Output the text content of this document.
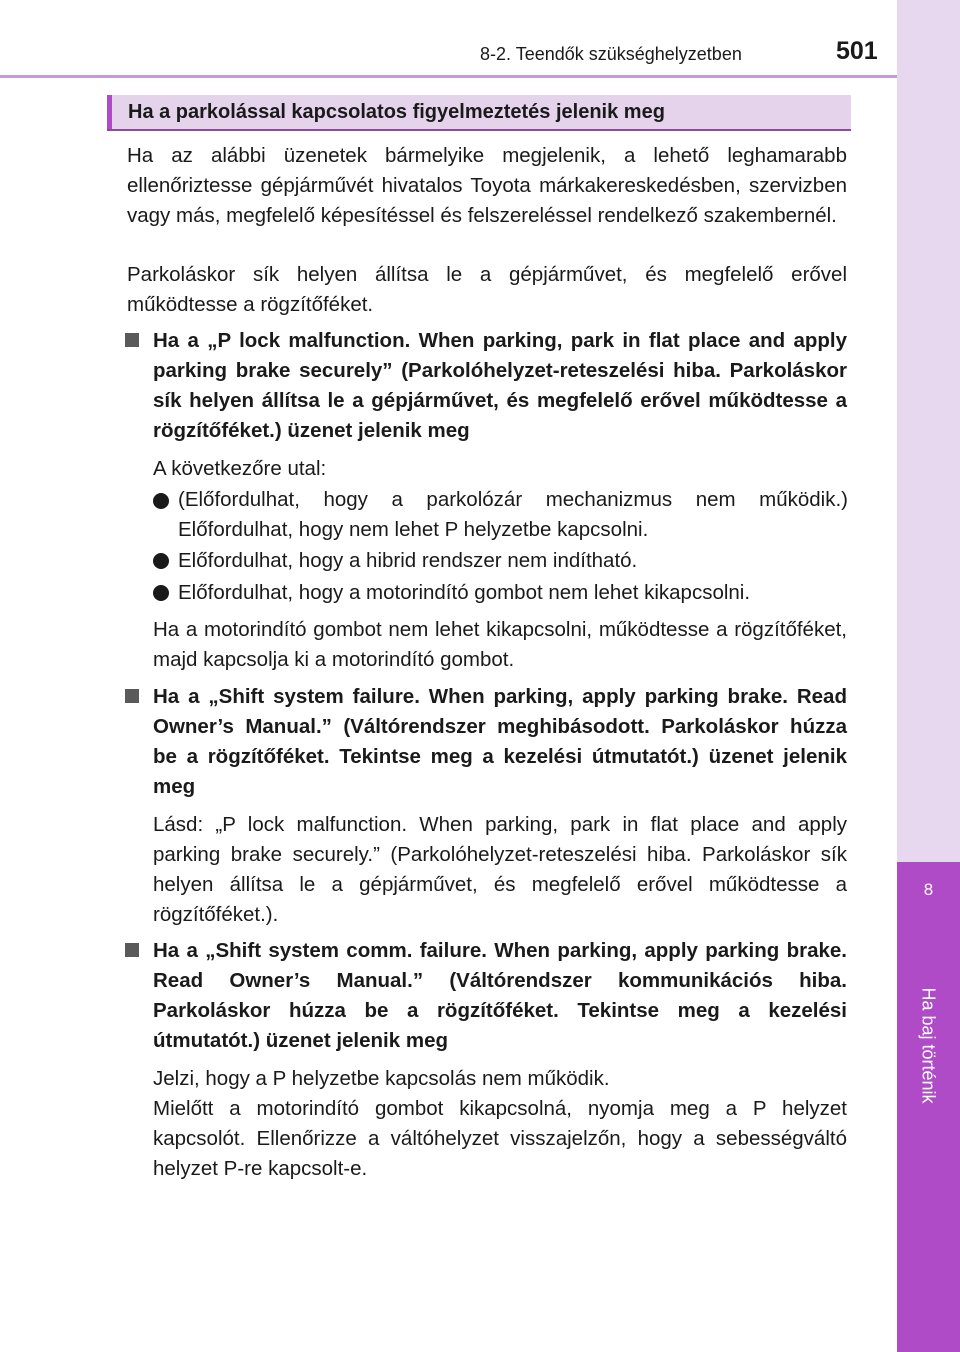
8-2. Teendők szükséghelyzetben	501
8
Ha baj történik
Ha a parkolással kapcsolatos figyelmeztetés jelenik meg
Ha az alábbi üzenetek bármelyike megjelenik, a lehető leghamarabb ellenőriztesse gépjárművét hivatalos Toyota márkakereskedésben, szervizben vagy más, megfelelő képesítéssel és felszereléssel rendelkező szakembernél.
Parkoláskor sík helyen állítsa le a gépjárművet, és megfelelő erővel működtesse a rögzítőféket.
Ha a „P lock malfunction. When parking, park in flat place and apply parking brake securely” (Parkolóhelyzet-reteszelési hiba. Parkoláskor sík helyen állítsa le a gépjárművet, és megfelelő erővel működtesse a rögzítőféket.) üzenet jelenik meg
A következőre utal:
(Előfordulhat, hogy a parkolózár mechanizmus nem működik.) Előfordulhat, hogy nem lehet P helyzetbe kapcsolni.
Előfordulhat, hogy a hibrid rendszer nem indítható.
Előfordulhat, hogy a motorindító gombot nem lehet kikapcsolni.
Ha a motorindító gombot nem lehet kikapcsolni, működtesse a rögzítőféket, majd kapcsolja ki a motorindító gombot.
Ha a „Shift system failure. When parking, apply parking brake. Read Owner’s Manual.” (Váltórendszer meghibásodott. Parkoláskor húzza be a rögzítőféket. Tekintse meg a kezelési útmutatót.) üzenet jelenik meg
Lásd: „P lock malfunction. When parking, park in flat place and apply parking brake securely.” (Parkolóhelyzet-reteszelési hiba. Parkoláskor sík helyen állítsa le a gépjárművet, és megfelelő erővel működtesse a rögzítőféket.).
Ha a „Shift system comm. failure. When parking, apply parking brake. Read Owner’s Manual.” (Váltórendszer kommunikációs hiba. Parkoláskor húzza be a rögzítőféket. Tekintse meg a kezelési útmutatót.) üzenet jelenik meg
Jelzi, hogy a P helyzetbe kapcsolás nem működik.
Mielőtt a motorindító gombot kikapcsolná, nyomja meg a P helyzet kapcsolót. Ellenőrizze a váltóhelyzet visszajelzőn, hogy a sebességváltó helyzet P-re kapcsolt-e.
